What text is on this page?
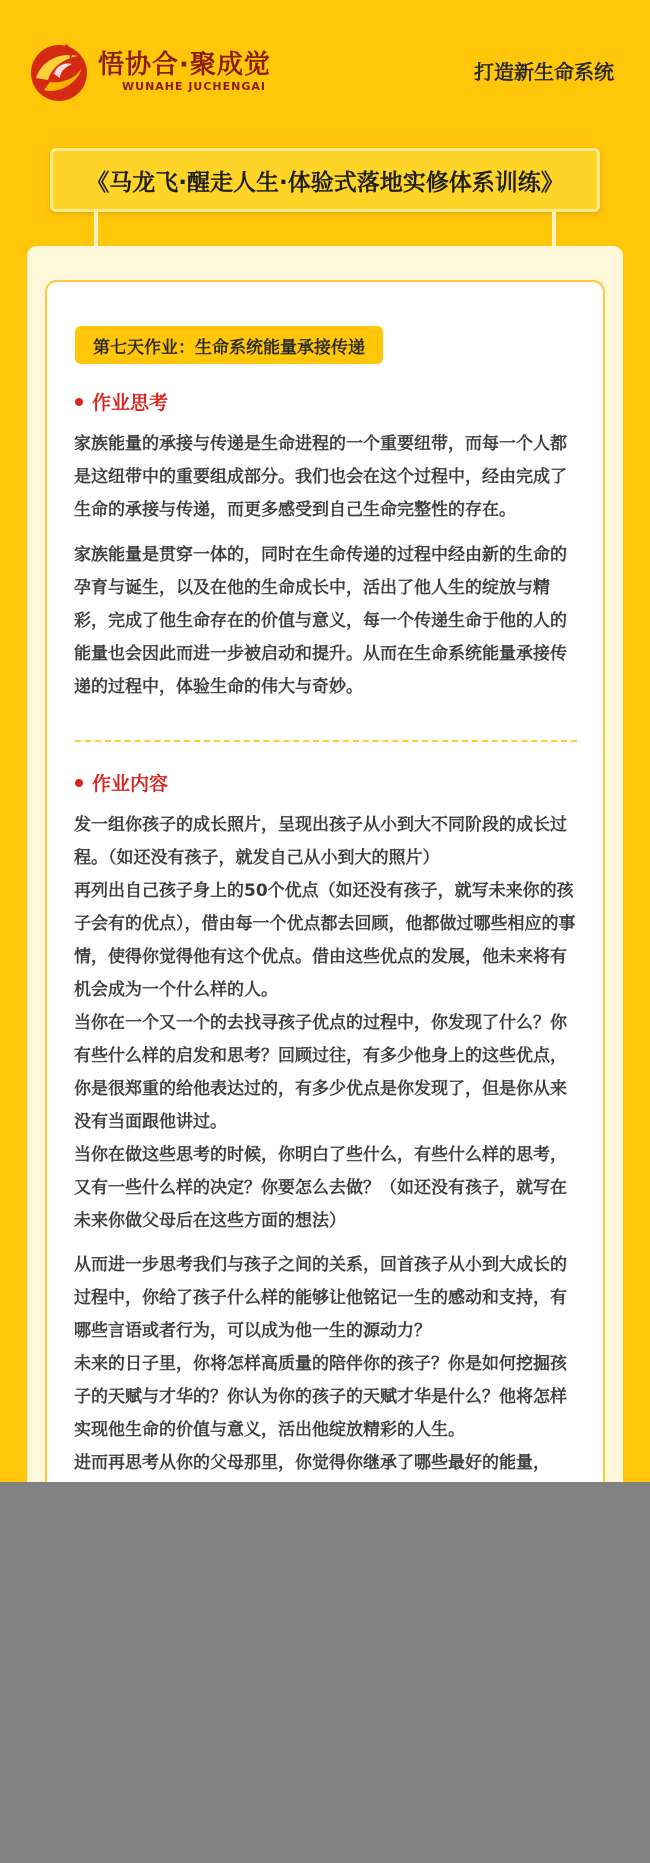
悟协合·聚成觉
WUNAHE JUCHENGAI
打造新生命系统
《马龙飞·醒走人生·体验式落地实修体系训练》
第七天作业：生命系统能量承接传递
作业思考

家族能量的承接与传递是生命进程的一个重要纽带，而每一个人都是这纽带中的重要组成部分。我们也会在这个过程中，经由完成了生命的承接与传递，而更多感受到自己生命完整性的存在。

家族能量是贯穿一体的，同时在生命传递的过程中经由新的生命的孕育与诞生，以及在他的生命成长中，活出了他人生的绽放与精彩，完成了他生命存在的价值与意义，每一个传递生命于他的人的能量也会因此而进一步被启动和提升。从而在生命系统能量承接传递的过程中，体验生命的伟大与奇妙。

作业内容

发一组你孩子的成长照片，呈现出孩子从小到大不同阶段的成长过程。（如还没有孩子，就发自己从小到大的照片）

再列出自己孩子身上的50个优点（如还没有孩子，就写未来你的孩子会有的优点），借由每一个优点都去回顾，他都做过哪些相应的事情，使得你觉得他有这个优点。借由这些优点的发展，他未来将有机会成为一个什么样的人。

当你在一个又一个的去找寻孩子优点的过程中，你发现了什么？你有些什么样的启发和思考？回顾过往，有多少他身上的这些优点，你是很郑重的给他表达过的，有多少优点是你发现了，但是你从来没有当面跟他讲过。

当你在做这些思考的时候，你明白了些什么，有些什么样的思考，又有一些什么样的决定？你要怎么去做？（如还没有孩子，就写在未来你做父母后在这些方面的想法）

从而进一步思考我们与孩子之间的关系，回首孩子从小到大成长的过程中，你给了孩子什么样的能够让他铭记一生的感动和支持，有哪些言语或者行为，可以成为他一生的源动力？

未来的日子里，你将怎样高质量的陪伴你的孩子？你是如何挖掘孩子的天赋与才华的？你认为你的孩子的天赋才华是什么？他将怎样实现他生命的价值与意义，活出他绽放精彩的人生。

进而再思考从你的父母那里，你觉得你继承了哪些最好的能量，
